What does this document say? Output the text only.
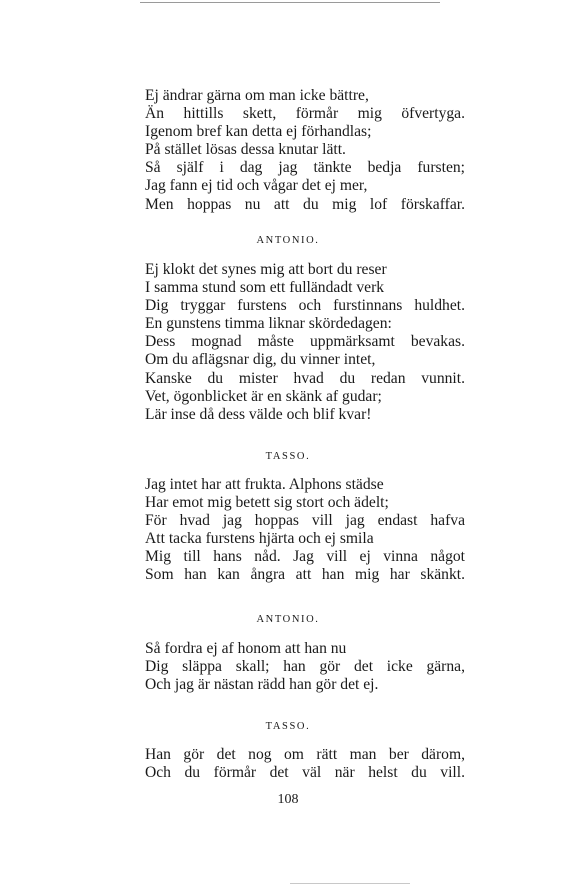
Ej ändrar gärna om man icke bättre,
Än hittills skett, förmår mig öfvertyga.
Igenom bref kan detta ej förhandlas;
På stället lösas dessa knutar lätt.
Så själf i dag jag tänkte bedja fursten;
Jag fann ej tid och vågar det ej mer,
Men hoppas nu att du mig lof förskaffar.
ANTONIO.
Ej klokt det synes mig att bort du reser
I samma stund som ett fulländadt verk
Dig tryggar furstens och furstinnans huldhet.
En gunstens timma liknar skördedagen:
Dess mognad måste uppmärksamt bevakas.
Om du aflägsnar dig, du vinner intet,
Kanske du mister hvad du redan vunnit.
Vet, ögonblicket är en skänk af gudar;
Lär inse då dess välde och blif kvar!
TASSO.
Jag intet har att frukta. Alphons städse
Har emot mig betett sig stort och ädelt;
För hvad jag hoppas vill jag endast hafva
Att tacka furstens hjärta och ej smila
Mig till hans nåd. Jag vill ej vinna något
Som han kan ångra att han mig har skänkt.
ANTONIO.
Så fordra ej af honom att han nu
Dig släppa skall; han gör det icke gärna,
Och jag är nästan rädd han gör det ej.
TASSO.
Han gör det nog om rätt man ber därom,
Och du förmår det väl när helst du vill.
108
